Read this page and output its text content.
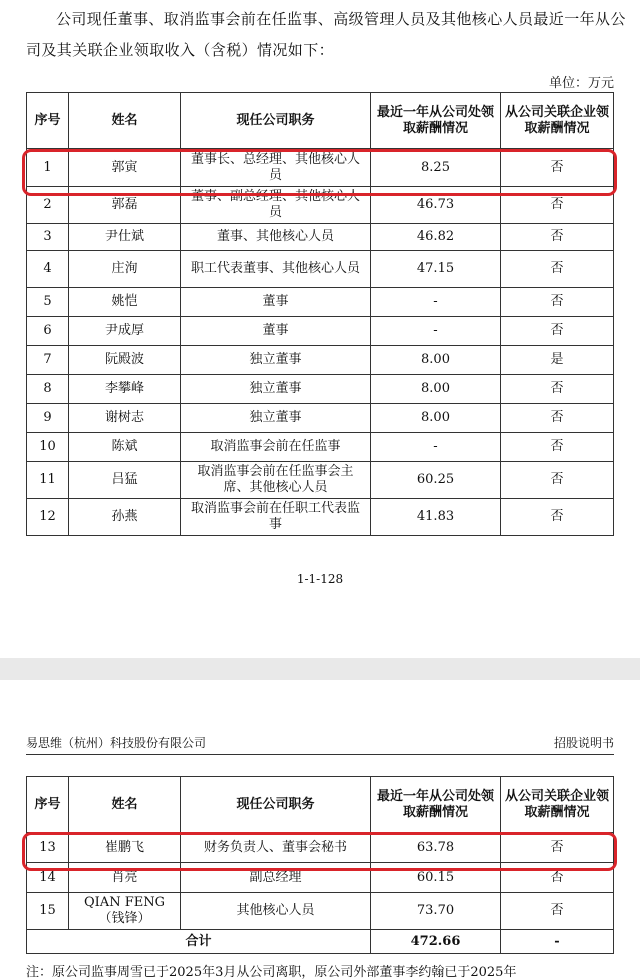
公司现任董事、取消监事会前在任监事、高级管理人员及其他核心人员最近一年从公司及其关联企业领取收入（含税）情况如下：

单位：万元
序号	姓名	现任公司职务	最近一年从公司处领取薪酬情况	从公司关联企业领取薪酬情况
1	郭寅	董事长、总经理、其他核心人员	8.25	否
2	郭磊	董事、副总经理、其他核心人员	46.73	否
3	尹仕斌	董事、其他核心人员	46.82	否
4	庄洵	职工代表董事、其他核心人员	47.15	否
5	姚恺	董事	-	否
6	尹成厚	董事	-	否
7	阮殿波	独立董事	8.00	是
8	李攀峰	独立董事	8.00	否
9	谢树志	独立董事	8.00	否
10	陈斌	取消监事会前在任监事	-	否
11	吕猛	取消监事会前在任监事会主席、其他核心人员	60.25	否
12	孙燕	取消监事会前在任职工代表监事	41.83	否
1-1-128
易思维（杭州）科技股份有限公司	招股说明书
序号	姓名	现任公司职务	最近一年从公司处领取薪酬情况	从公司关联企业领取薪酬情况
13	崔鹏飞	财务负责人、董事会秘书	63.78	否
14	肖亮	副总经理	60.15	否
15	QIAN FENG（钱锋）	其他核心人员	73.70	否
合计			472.66	-
注：原公司监事周雪已于2025年3月从公司离职，原公司外部董事李约翰已于2025年
